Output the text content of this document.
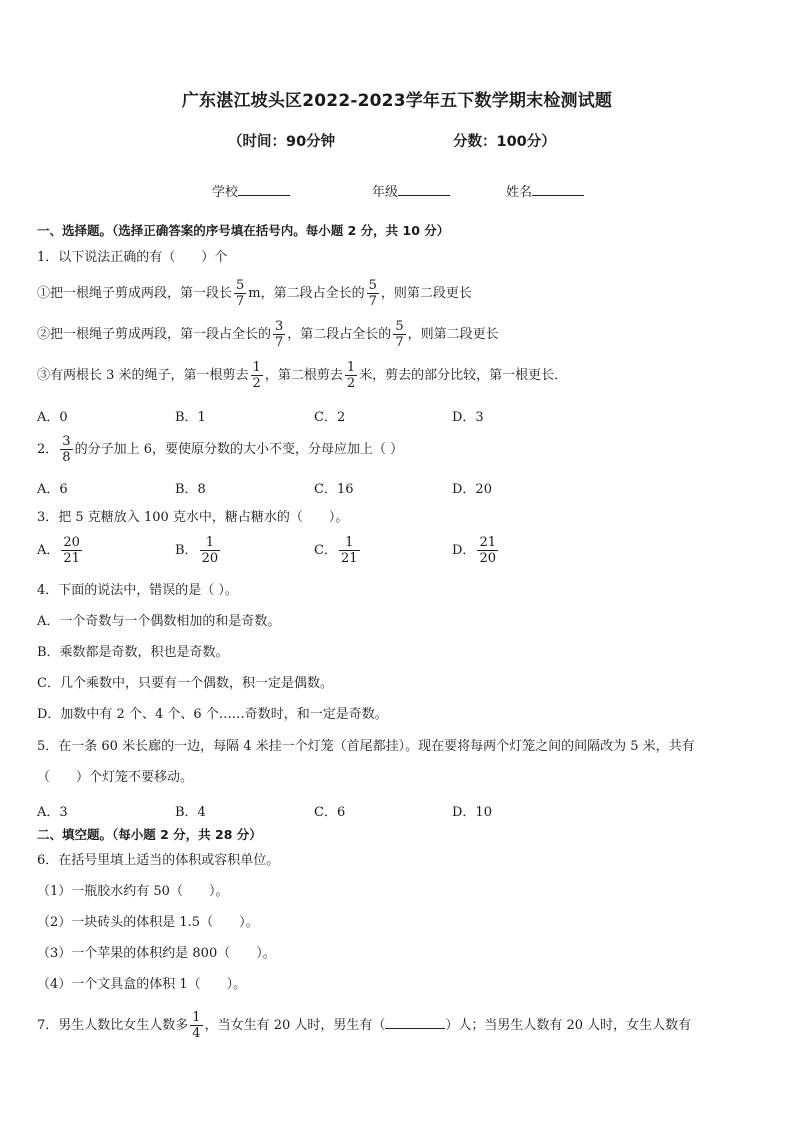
广东湛江坡头区2022-2023学年五下数学期末检测试题
（时间：90分钟	分数：100分）
学校	年级	姓名
一、选择题。（选择正确答案的序号填在括号内。每小题 2 分，共 10 分）
1．以下说法正确的有（　　）个
①把一根绳子剪成两段，第一段长 $\frac{5}{7}$ m，第二段占全长的 $\frac{5}{7}$ ，则第二段更长
②把一根绳子剪成两段，第一段占全长的 $\frac{3}{7}$ ，第二段占全长的 $\frac{5}{7}$ ，则第二段更长
③有两根长 3 米的绳子，第一根剪去 $\frac{1}{2}$ ，第二根剪去 $\frac{1}{2}$ 米，剪去的部分比较，第一根更长．
A．0	B．1	C．2	D．3
2． $\frac{3}{8}$ 的分子加上 6，要使原分数的大小不变，分母应加上（ ）
A．6	B．8	C．16	D．20
3．把 5 克糖放入 100 克水中，糖占糖水的（　　）。
A． $\frac{20}{21}$	B． $\frac{1}{20}$	C． $\frac{1}{21}$	D． $\frac{21}{20}$
4．下面的说法中，错误的是（ ）。
A．一个奇数与一个偶数相加的和是奇数。
B．乘数都是奇数，积也是奇数。
C．几个乘数中，只要有一个偶数，积一定是偶数。
D．加数中有 2 个、4 个、6 个……奇数时，和一定是奇数。
5．在一条 60 米长廊的一边，每隔 4 米挂一个灯笼（首尾都挂）。现在要将每两个灯笼之间的间隔改为 5 米，共有
（　　）个灯笼不要移动。
A．3	B．4	C．6	D．10
二、填空题。（每小题 2 分，共 28 分）
6．在括号里填上适当的体积或容积单位。
（1）一瓶胶水约有 50（　　）。
（2）一块砖头的体积是 1.5（　　）。
（3）一个苹果的体积约是 800（　　）。
（4）一个文具盒的体积 1（　　）。
7．男生人数比女生人数多 $\frac{1}{4}$ ，当女生有 20 人时，男生有（	）人；当男生人数有 20 人时，女生人数有
